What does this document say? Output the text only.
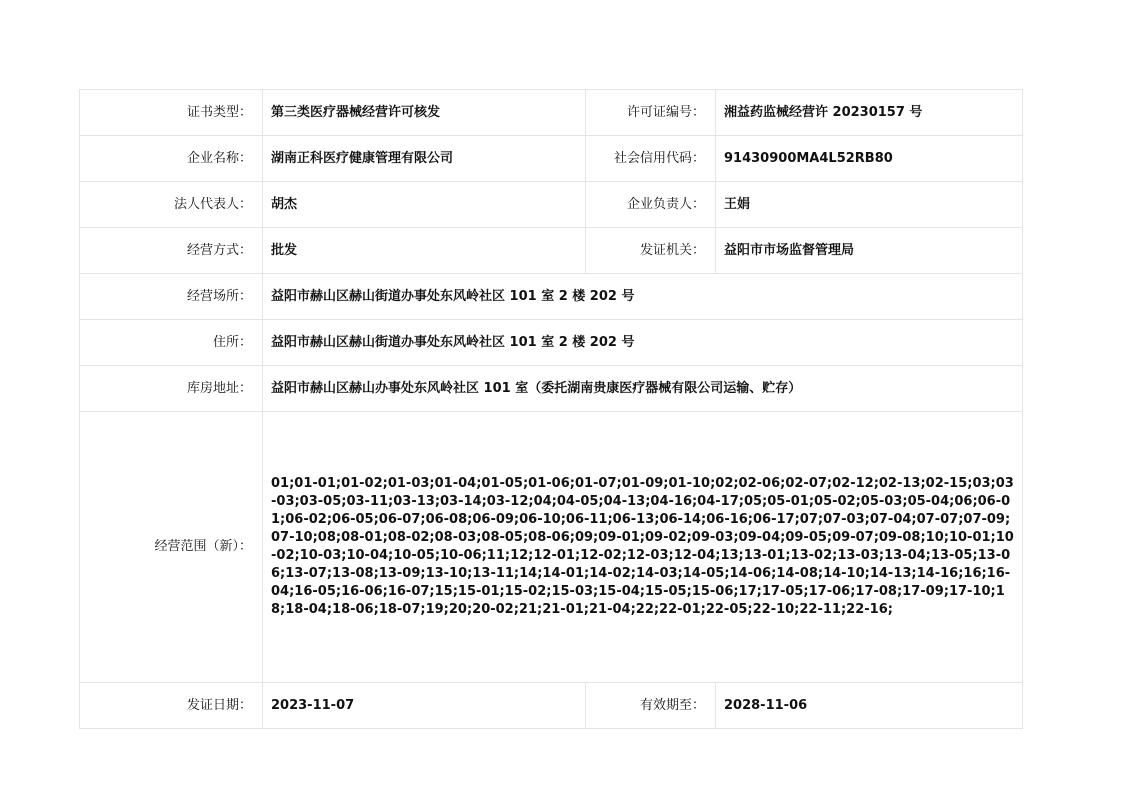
证书类型：	第三类医疗器械经营许可核发	许可证编号：	湘益药监械经营许 20230157 号
企业名称：	湖南正科医疗健康管理有限公司	社会信用代码：	91430900MA4L52RB80
法人代表人：	胡杰	企业负责人：	王娟
经营方式：	批发	发证机关：	益阳市市场监督管理局
经营场所：	益阳市赫山区赫山街道办事处东风岭社区 101 室 2 楼 202 号		
住所：	益阳市赫山区赫山街道办事处东风岭社区 101 室 2 楼 202 号		
库房地址：	益阳市赫山区赫山办事处东风岭社区 101 室（委托湖南贵康医疗器械有限公司运输、贮存）		
经营范围（新）：	01;01-01;01-02;01-03;01-04;01-05;01-06;01-07;01-09;01-10;02;02-06;02-07;02-12;02-13;02-15;03;03-03;03-05;03-11;03-13;03-14;03-12;04;04-05;04-13;04-16;04-17;05;05-01;05-02;05-03;05-04;06;06-01;06-02;06-05;06-07;06-08;06-09;06-10;06-11;06-13;06-14;06-16;06-17;07;07-03;07-04;07-07;07-09;07-10;08;08-01;08-02;08-03;08-05;08-06;09;09-01;09-02;09-03;09-04;09-05;09-07;09-08;10;10-01;10-02;10-03;10-04;10-05;10-06;11;12;12-01;12-02;12-03;12-04;13;13-01;13-02;13-03;13-04;13-05;13-06;13-07;13-08;13-09;13-10;13-11;14;14-01;14-02;14-03;14-05;14-06;14-08;14-10;14-13;14-16;16;16-04;16-05;16-06;16-07;15;15-01;15-02;15-03;15-04;15-05;15-06;17;17-05;17-06;17-08;17-09;17-10;18;18-04;18-06;18-07;19;20;20-02;21;21-01;21-04;22;22-01;22-05;22-10;22-11;22-16;		
发证日期：	2023-11-07	有效期至：	2028-11-06
